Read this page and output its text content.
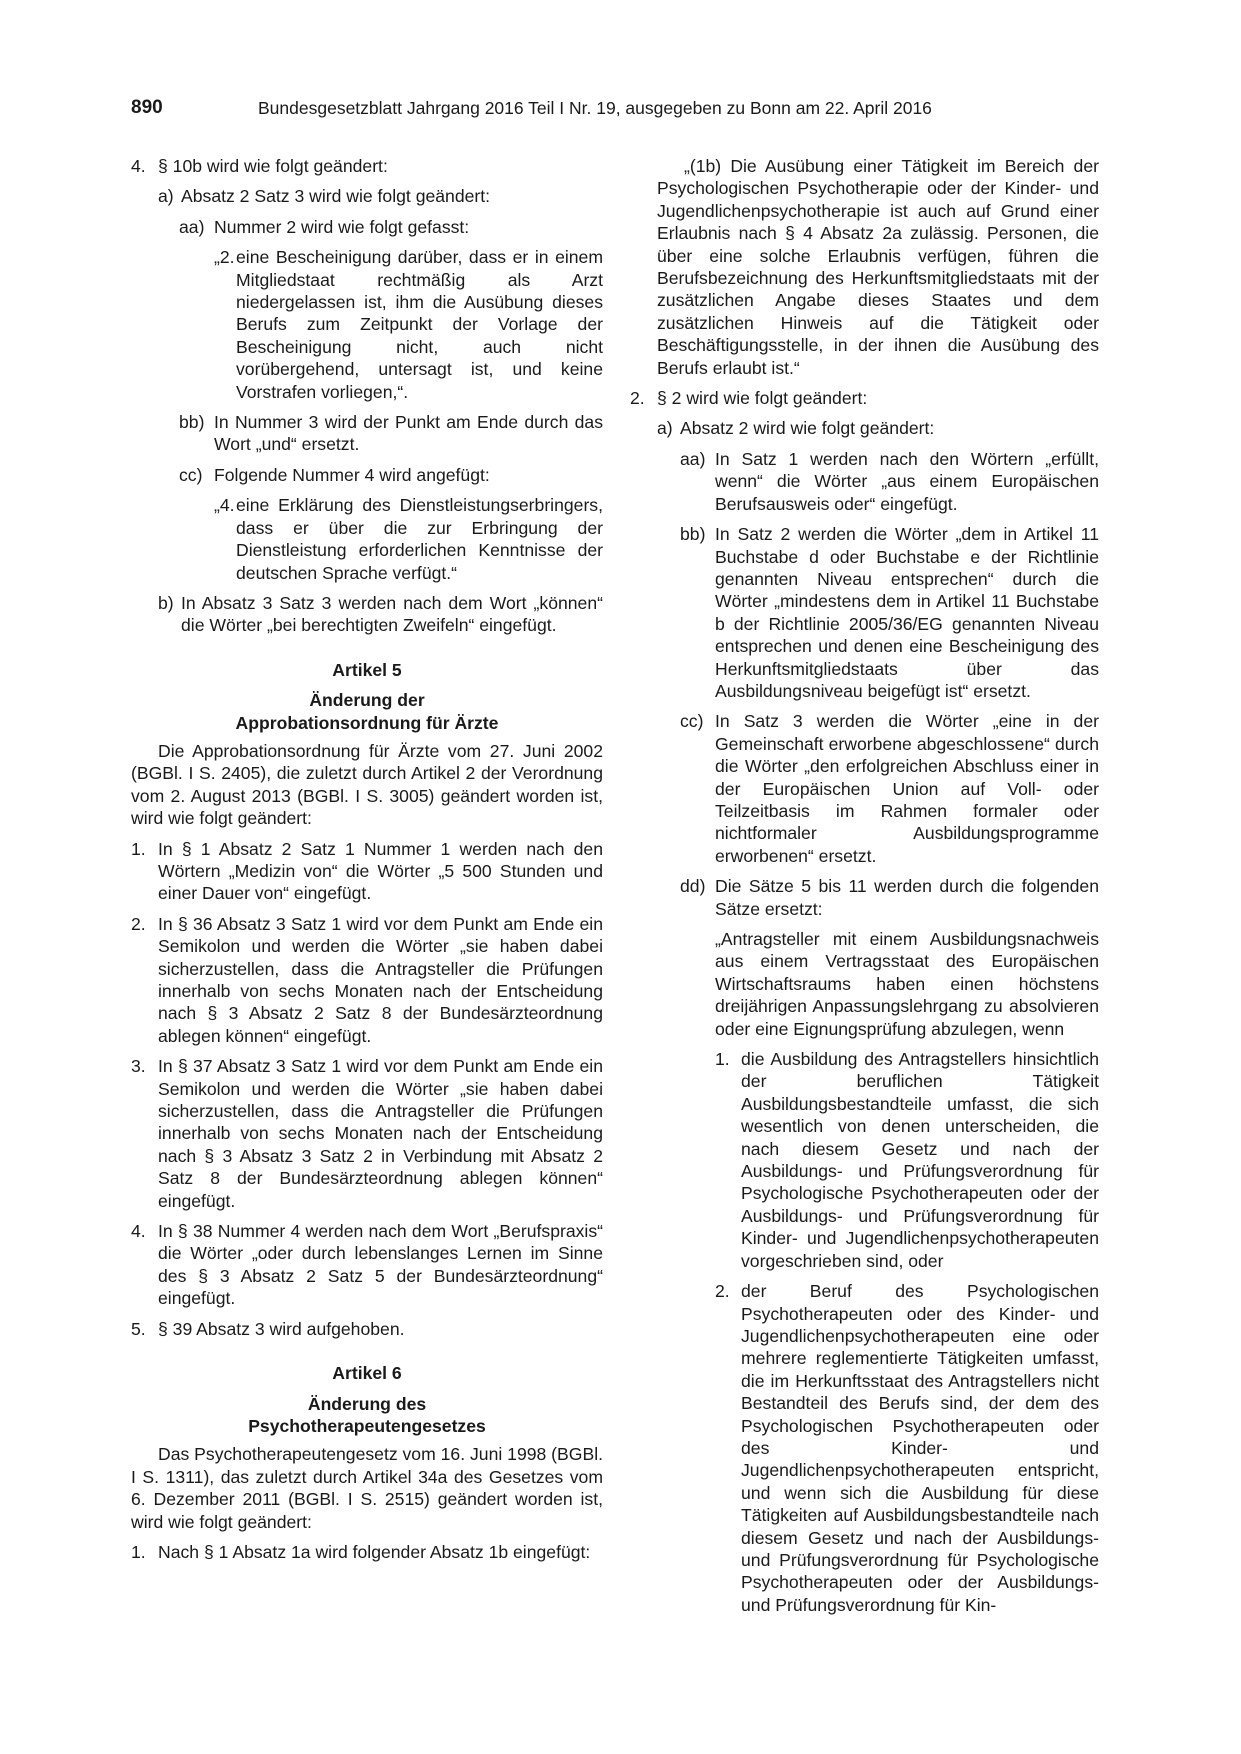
890	Bundesgesetzblatt Jahrgang 2016 Teil I Nr. 19, ausgegeben zu Bonn am 22. April 2016
4. § 10b wird wie folgt geändert:
a) Absatz 2 Satz 3 wird wie folgt geändert:
aa) Nummer 2 wird wie folgt gefasst:
„2. eine Bescheinigung darüber, dass er in einem Mitgliedstaat rechtmäßig als Arzt niedergelassen ist, ihm die Ausübung dieses Berufs zum Zeitpunkt der Vorlage der Bescheinigung nicht, auch nicht vorübergehend, untersagt ist, und keine Vorstrafen vorliegen,“.
bb) In Nummer 3 wird der Punkt am Ende durch das Wort „und“ ersetzt.
cc) Folgende Nummer 4 wird angefügt:
„4. eine Erklärung des Dienstleistungserbringers, dass er über die zur Erbringung der Dienstleistung erforderlichen Kenntnisse der deutschen Sprache verfügt.“
b) In Absatz 3 Satz 3 werden nach dem Wort „können“ die Wörter „bei berechtigten Zweifeln“ eingefügt.
Artikel 5
Änderung der
Approbationsordnung für Ärzte
Die Approbationsordnung für Ärzte vom 27. Juni 2002 (BGBl. I S. 2405), die zuletzt durch Artikel 2 der Verordnung vom 2. August 2013 (BGBl. I S. 3005) geändert worden ist, wird wie folgt geändert:
1. In § 1 Absatz 2 Satz 1 Nummer 1 werden nach den Wörtern „Medizin von“ die Wörter „5 500 Stunden und einer Dauer von“ eingefügt.
2. In § 36 Absatz 3 Satz 1 wird vor dem Punkt am Ende ein Semikolon und werden die Wörter „sie haben dabei sicherzustellen, dass die Antragsteller die Prüfungen innerhalb von sechs Monaten nach der Entscheidung nach § 3 Absatz 2 Satz 8 der Bundesärzteordnung ablegen können“ eingefügt.
3. In § 37 Absatz 3 Satz 1 wird vor dem Punkt am Ende ein Semikolon und werden die Wörter „sie haben dabei sicherzustellen, dass die Antragsteller die Prüfungen innerhalb von sechs Monaten nach der Entscheidung nach § 3 Absatz 3 Satz 2 in Verbindung mit Absatz 2 Satz 8 der Bundesärzteordnung ablegen können“ eingefügt.
4. In § 38 Nummer 4 werden nach dem Wort „Berufspraxis“ die Wörter „oder durch lebenslanges Lernen im Sinne des § 3 Absatz 2 Satz 5 der Bundesärzteordnung“ eingefügt.
5. § 39 Absatz 3 wird aufgehoben.
Artikel 6
Änderung des
Psychotherapeutengesetzes
Das Psychotherapeutengesetz vom 16. Juni 1998 (BGBl. I S. 1311), das zuletzt durch Artikel 34a des Gesetzes vom 6. Dezember 2011 (BGBl. I S. 2515) geändert worden ist, wird wie folgt geändert:
1. Nach § 1 Absatz 1a wird folgender Absatz 1b eingefügt:
„(1b) Die Ausübung einer Tätigkeit im Bereich der Psychologischen Psychotherapie oder der Kinder- und Jugendlichenpsychotherapie ist auch auf Grund einer Erlaubnis nach § 4 Absatz 2a zulässig. Personen, die über eine solche Erlaubnis verfügen, führen die Berufsbezeichnung des Herkunftsmitgliedstaats mit der zusätzlichen Angabe dieses Staates und dem zusätzlichen Hinweis auf die Tätigkeit oder Beschäftigungsstelle, in der ihnen die Ausübung des Berufs erlaubt ist.“
2. § 2 wird wie folgt geändert:
a) Absatz 2 wird wie folgt geändert:
aa) In Satz 1 werden nach den Wörtern „erfüllt, wenn“ die Wörter „aus einem Europäischen Berufsausweis oder“ eingefügt.
bb) In Satz 2 werden die Wörter „dem in Artikel 11 Buchstabe d oder Buchstabe e der Richtlinie genannten Niveau entsprechen“ durch die Wörter „mindestens dem in Artikel 11 Buchstabe b der Richtlinie 2005/36/EG genannten Niveau entsprechen und denen eine Bescheinigung des Herkunftsmitgliedstaats über das Ausbildungsniveau beigefügt ist“ ersetzt.
cc) In Satz 3 werden die Wörter „eine in der Gemeinschaft erworbene abgeschlossene“ durch die Wörter „den erfolgreichen Abschluss einer in der Europäischen Union auf Voll- oder Teilzeitbasis im Rahmen formaler oder nichtformaler Ausbildungsprogramme erworbenen“ ersetzt.
dd) Die Sätze 5 bis 11 werden durch die folgenden Sätze ersetzt:
„Antragsteller mit einem Ausbildungsnachweis aus einem Vertragsstaat des Europäischen Wirtschaftsraums haben einen höchstens dreijährigen Anpassungslehrgang zu absolvieren oder eine Eignungsprüfung abzulegen, wenn
1. die Ausbildung des Antragstellers hinsichtlich der beruflichen Tätigkeit Ausbildungsbestandteile umfasst, die sich wesentlich von denen unterscheiden, die nach diesem Gesetz und nach der Ausbildungs- und Prüfungsverordnung für Psychologische Psychotherapeuten oder der Ausbildungs- und Prüfungsverordnung für Kinder- und Jugendlichenpsychotherapeuten vorgeschrieben sind, oder
2. der Beruf des Psychologischen Psychotherapeuten oder des Kinder- und Jugendlichenpsychotherapeuten eine oder mehrere reglementierte Tätigkeiten umfasst, die im Herkunftsstaat des Antragstellers nicht Bestandteil des Berufs sind, der dem des Psychologischen Psychotherapeuten oder des Kinder- und Jugendlichenpsychotherapeuten entspricht, und wenn sich die Ausbildung für diese Tätigkeiten auf Ausbildungsbestandteile nach diesem Gesetz und nach der Ausbildungs- und Prüfungsverordnung für Psychologische Psychotherapeuten oder der Ausbildungs- und Prüfungsverordnung für Kin-
